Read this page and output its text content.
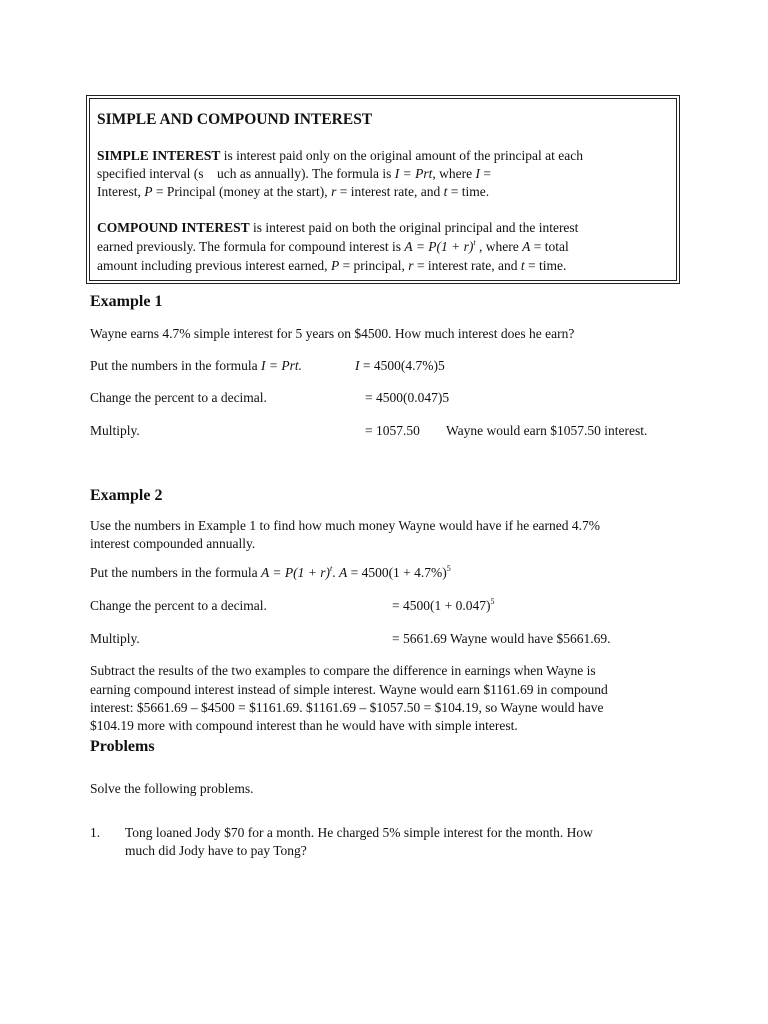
SIMPLE AND COMPOUND INTEREST
SIMPLE INTEREST is interest paid only on the original amount of the principal at each
specified interval (s uch as annually). The formula is I = Prt, where I =
Interest, P = Principal (money at the start), r = interest rate, and t = time.
COMPOUND INTEREST is interest paid on both the original principal and the interest
earned previously. The formula for compound interest is $A = P(1 + r)^t$ , where A = total
amount including previous interest earned, P = principal, r = interest rate, and t = time.
Example 1
Wayne earns 4.7% simple interest for 5 years on $4500. How much interest does he earn?
Put the numbers in the formula I = Prt.	I = 4500(4.7%)5
Change the percent to a decimal.	= 4500(0.047)5
Multiply.	= 1057.50 Wayne would earn $1057.50 interest.
Example 2
Use the numbers in Example 1 to find how much money Wayne would have if he earned 4.7%
interest compounded annually.
Put the numbers in the formula $A = P(1 + r)^t$. $A = 4500(1 + 4.7\%)^5$
Change the percent to a decimal.	= $4500(1 + 0.047)^5$
Multiply.	= 5661.69 Wayne would have $5661.69.
Subtract the results of the two examples to compare the difference in earnings when Wayne is
earning compound interest instead of simple interest. Wayne would earn $1161.69 in compound
interest: $5661.69 – $4500 = $1161.69. $1161.69 – $1057.50 = $104.19, so Wayne would have
$104.19 more with compound interest than he would have with simple interest.
Problems
Solve the following problems.
1. Tong loaned Jody $70 for a month. He charged 5% simple interest for the month. How
much did Jody have to pay Tong?
